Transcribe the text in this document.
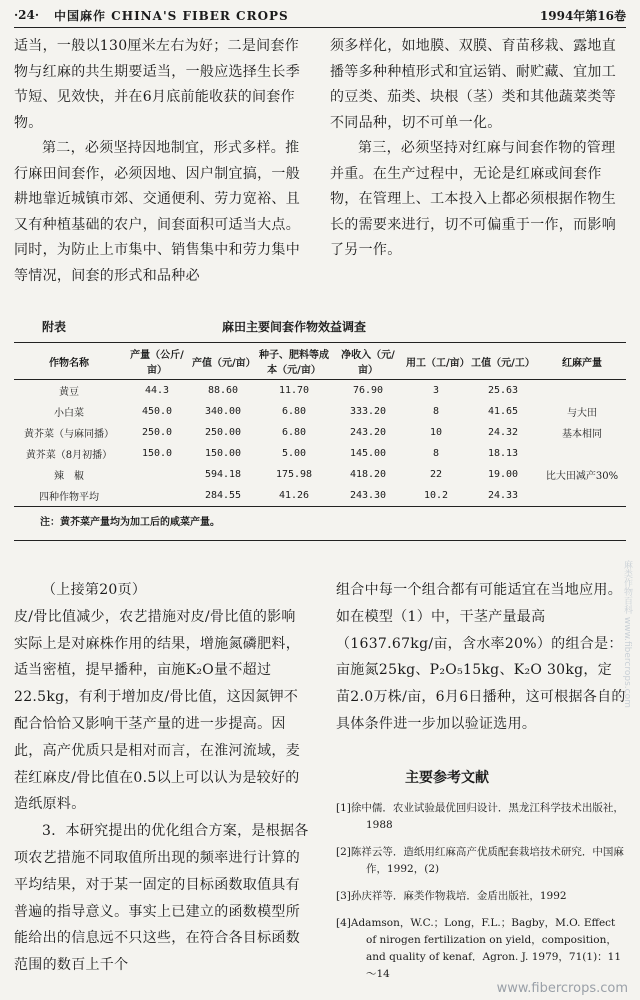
·24·	中国麻作 CHINA'S FIBER CROPS	1994年第16卷

适当，一般以130厘米左右为好；二是间套作物与红麻的共生期要适当，一般应选择生长季节短、见效快，并在6月底前能收获的间套作物。

第二，必须坚持因地制宜，形式多样。推行麻田间套作，必须因地、因户制宜搞，一般耕地靠近城镇市郊、交通便利、劳力宽裕、且又有种植基础的农户，间套面积可适当大点。同时，为防止上市集中、销售集中和劳力集中等情况，间套的形式和品种必

须多样化，如地膜、双膜、育苗移栽、露地直播等多种种植形式和宜运销、耐贮藏、宜加工的豆类、茄类、块根（茎）类和其他蔬菜类等不同品种，切不可单一化。

第三，必须坚持对红麻与间套作物的管理并重。在生产过程中，无论是红麻或间套作物，在管理上、工本投入上都必须根据作物生长的需要来进行，切不可偏重于一作，而影响了另一作。

附表	麻田主要间套作物效益调查
作物名称	产量（公斤/亩）	产值（元/亩）	种子、肥料等成本（元/亩）	净收入（元/亩）	用工（工/亩）	工值（元/工）	红麻产量
黄豆	44.3	88.60	11.70	76.90	3	25.63	
小白菜	450.0	340.00	6.80	333.20	8	41.65	与大田
黄芥菜（与麻同播）	250.0	250.00	6.80	243.20	10	24.32	基本相同
黄芥菜（8月初播）	150.0	150.00	5.00	145.00	8	18.13	
辣　椒		594.18	175.98	418.20	22	19.00	比大田减产30%
四种作物平均		284.55	41.26	243.30	10.2	24.33	
注：黄芥菜产量均为加工后的咸菜产量。

（上接第20页）

皮/骨比值减少，农艺措施对皮/骨比值的影响实际上是对麻株作用的结果，增施氮磷肥料，适当密植，提早播种，亩施K₂O量不超过22.5kg，有利于增加皮/骨比值，这因氮钾不配合恰恰又影响干茎产量的进一步提高。因此，高产优质只是相对而言，在淮河流域，麦茬红麻皮/骨比值在0.5以上可以认为是较好的造纸原料。

3．本研究提出的优化组合方案，是根据各项农艺措施不同取值所出现的频率进行计算的平均结果，对于某一固定的目标函数取值具有普遍的指导意义。事实上已建立的函数模型所能给出的信息远不只这些，在符合各目标函数范围的数百上千个

组合中每一个组合都有可能适宜在当地应用。如在模型（1）中，干茎产量最高（1637.67kg/亩，含水率20%）的组合是：亩施氮25kg、P₂O₅15kg、K₂O 30kg，定苗2.0万株/亩，6月6日播种，这可根据各自的具体条件进一步加以验证选用。

主要参考文献
[1]徐中儒．农业试验最优回归设计．黑龙江科学技术出版社，1988
[2]陈祥云等．造纸用红麻高产优质配套栽培技术研究．中国麻作，1992，(2)
[3]孙庆祥等．麻类作物栽培．金盾出版社，1992
[4]Adamson，W.C.；Long，F.L.；Bagby，M.O. Effect of nirogen fertilization on yield，composition，and quality of kenaf．Agron. J. 1979，71(1)：11～14
麻类作物百科 www.fibercrops.com
www.fibercrops.com
